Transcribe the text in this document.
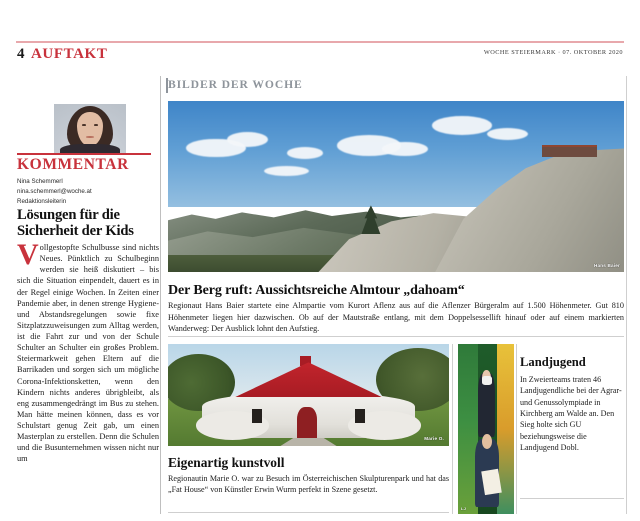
4 AUFTAKT	WOCHE STEIERMARK · 07. OKTOBER 2020
KOMMENTAR
Nina Schemmerl
nina.schemmerl@woche.at
Redaktionsleiterin
Lösungen für die Sicherheit der Kids
Vollgestopfte Schulbusse sind nichts Neues. Pünktlich zu Schulbeginn werden sie heiß diskutiert – bis sich die Situation einpendelt, dauert es in der Regel einige Wochen. In Zeiten einer Pandemie aber, in denen strenge Hygiene- und Abstandsregelungen sowie fixe Sitzplatzzuweisungen zum Alltag werden, ist die Fahrt zur und von der Schule Schulter an Schulter ein großes Problem. Steiermarkweit gehen Eltern auf die Barrikaden und sorgen sich um mögliche Corona-Infektionsketten, wenn den Kindern nichts anderes übrigbleibt, als eng zusammengedrängt im Bus zu stehen. Man hätte meinen können, dass es vor Schulstart genug Zeit gab, um einen Masterplan zu erstellen. Denn die Schulen und die Busunternehmen wissen nicht nur um
BILDER DER WOCHE
Hans Baier
Der Berg ruft: Aussichtsreiche Almtour „dahoam“
Regionaut Hans Baier startete eine Almpartie vom Kurort Aflenz aus auf die Aflenzer Bürgeralm auf 1.500 Höhenmeter. Gut 810 Höhenmeter liegen hier dazwischen. Ob auf der Mautstraße entlang, mit dem Doppelsessellift hinauf oder auf einem markierten Wanderweg: Der Ausblick lohnt den Aufstieg.
Marie O.
Eigenartig kunstvoll
Regionautin Marie O. war zu Besuch im Österreichischen Skulpturenpark und hat das „Fat House“ von Künstler Erwin Wurm perfekt in Szene gesetzt.
LJ
Landjugend
In Zweierteams traten 46 Landjugendliche bei der Agrar- und Genussolympiade in Kirchberg am Walde an. Den Sieg holte sich GU beziehungsweise die Landjugend Dobl.
